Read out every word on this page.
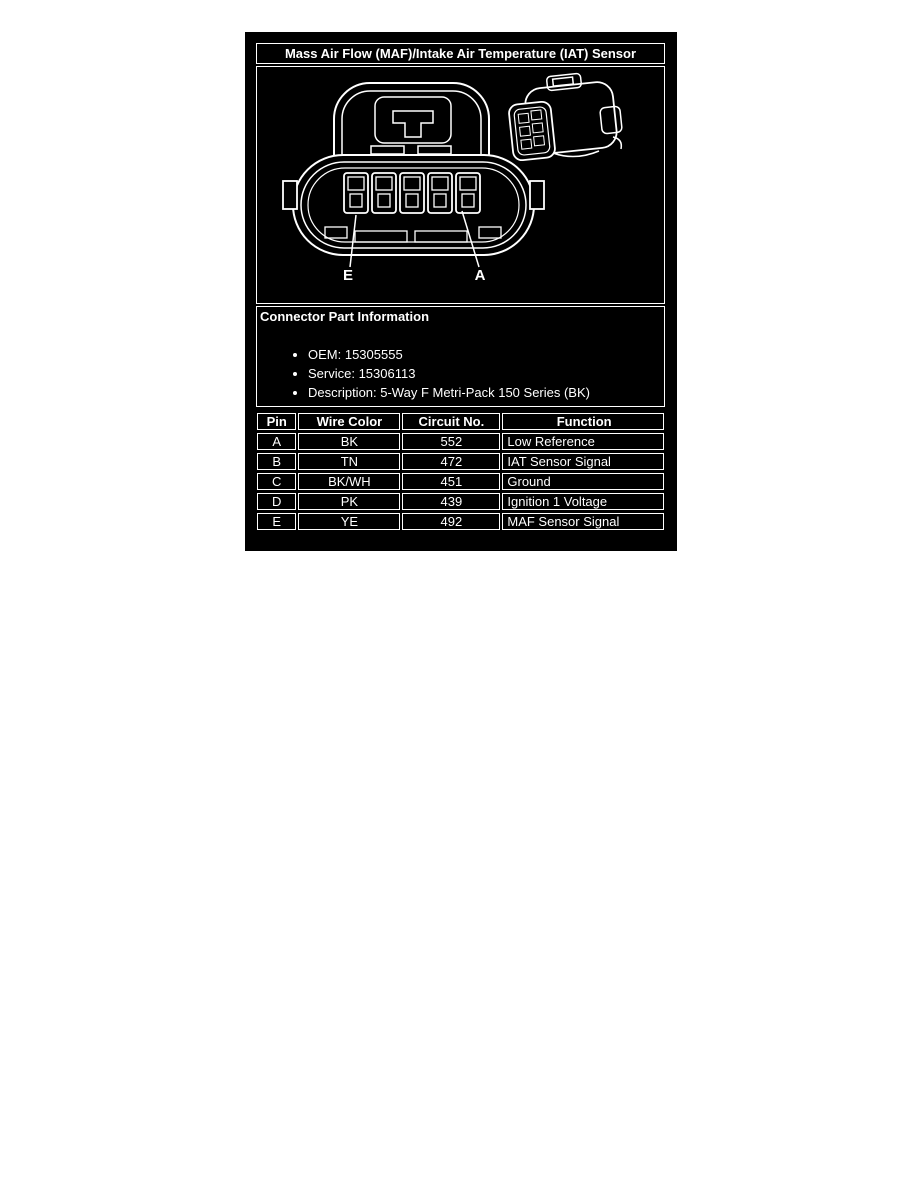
Mass Air Flow (MAF)/Intake Air Temperature (IAT) Sensor
E	A
Connector Part Information
• OEM: 15305555
• Service: 15306113
• Description: 5-Way F Metri-Pack 150 Series (BK)
Pin	Wire Color	Circuit No.	Function
A	BK	552	Low Reference
B	TN	472	IAT Sensor Signal
C	BK/WH	451	Ground
D	PK	439	Ignition 1 Voltage
E	YE	492	MAF Sensor Signal
